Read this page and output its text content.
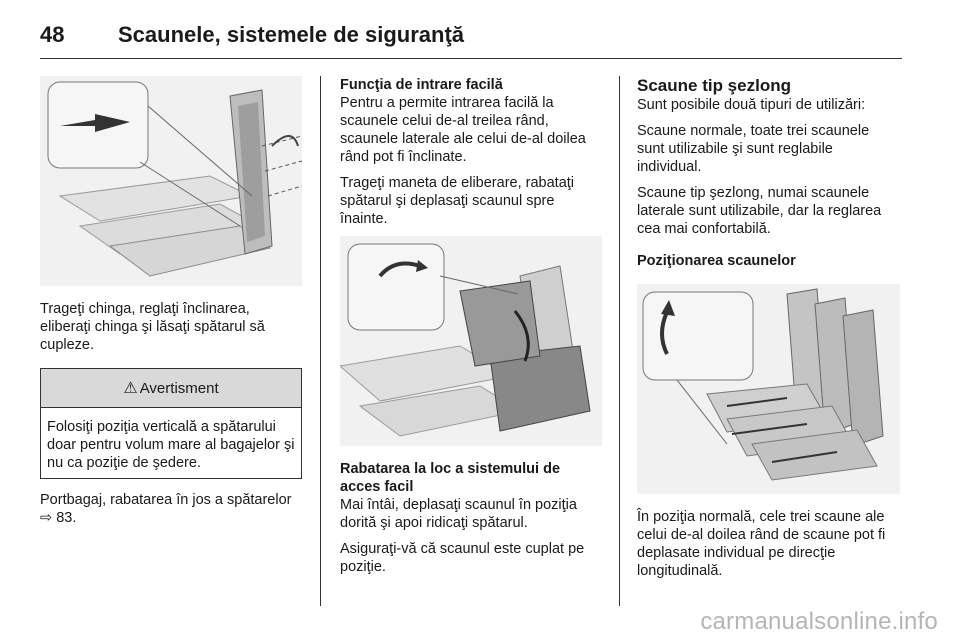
48 Scaunele, sistemele de siguranţă

Trageţi chinga, reglaţi înclinarea, eliberaţi chinga şi lăsaţi spătarul să cupleze.

⚠ Avertisment

Folosiţi poziţia verticală a spătarului doar pentru volum mare al bagajelor şi nu ca poziţie de şedere.

Portbagaj, rabatarea în jos a spătarelor ⇨ 83.

Funcţia de intrare facilă

Pentru a permite intrarea facilă la scaunele celui de-al treilea rând, scaunele laterale ale celui de-al doilea rând pot fi înclinate.

Trageţi maneta de eliberare, rabataţi spătarul şi deplasaţi scaunul spre înainte.

Rabatarea la loc a sistemului de acces facil

Mai întâi, deplasaţi scaunul în poziţia dorită şi apoi ridicaţi spătarul.

Asiguraţi-vă că scaunul este cuplat pe poziţie.

Scaune tip şezlong

Sunt posibile două tipuri de utilizări:

Scaune normale, toate trei scaunele sunt utilizabile şi sunt reglabile individual.

Scaune tip şezlong, numai scaunele laterale sunt utilizabile, dar la reglarea cea mai confortabilă.

Poziţionarea scaunelor

În poziţia normală, cele trei scaune ale celui de-al doilea rând de scaune pot fi deplasate individual pe direcţie longitudinală.

carmanualsonline.info
